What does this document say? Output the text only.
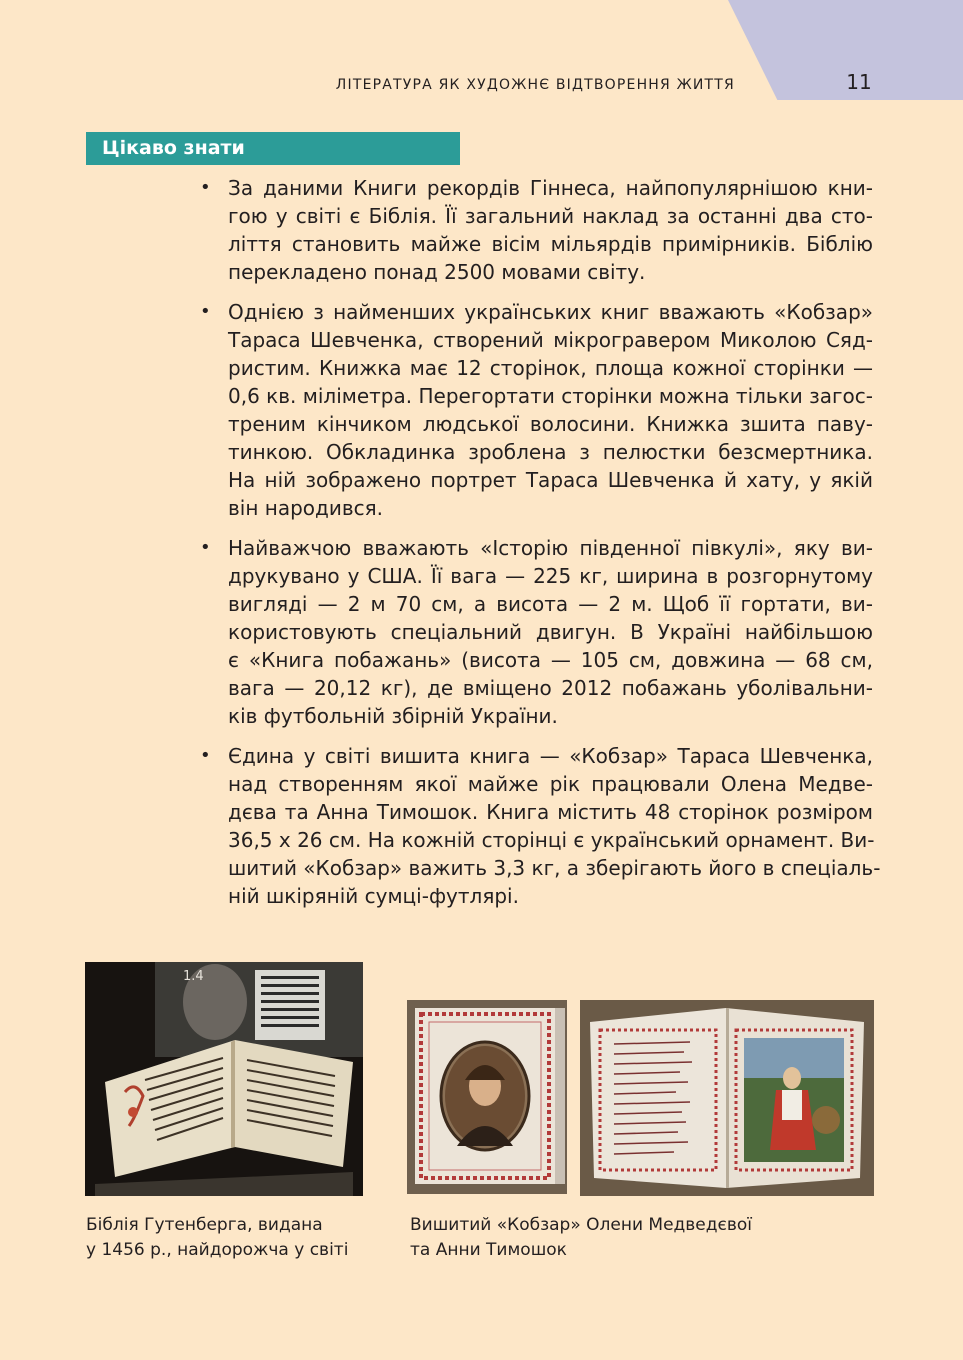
ЛІТЕРАТУРА ЯК ХУДОЖНЄ ВІДТВОРЕННЯ ЖИТТЯ	11
Цікаво знати
• За даними Книги рекордів Гіннеса, найпопулярнішою кни-
гою у світі є Біблія. Її загальний наклад за останні два сто-
ліття становить майже вісім мільярдів примірників. Біблію
перекладено понад 2500 мовами світу.
• Однією з найменших українських книг вважають «Кобзар»
Тараса Шевченка, створений мікрогравером Миколою Сяд-
ристим. Книжка має 12 сторінок, площа кожної сторінки —
0,6 кв. міліметра. Перегортати сторінки можна тільки загос-
треним кінчиком людської волосини. Книжка зшита паву-
тинкою. Обкладинка зроблена з пелюстки безсмертника.
На ній зображено портрет Тараса Шевченка й хату, у якій
він народився.
• Найважчою вважають «Історію південної півкулі», яку ви-
друкувано у США. Її вага — 225 кг, ширина в розгорнутому
вигляді — 2 м 70 см, а висота — 2 м. Щоб її гортати, ви-
користовують спеціальний двигун. В Україні найбільшою
є «Книга побажань» (висота — 105 см, довжина — 68 см,
вага — 20,12 кг), де вміщено 2012 побажань уболівальни-
ків футбольній збірній України.
• Єдина у світі вишита книга — «Кобзар» Тараса Шевченка,
над створенням якої майже рік працювали Олена Медве-
дєва та Анна Тимошок. Книга містить 48 сторінок розміром
36,5 х 26 см. На кожній сторінці є український орнамент. Ви-
шитий «Кобзар» важить 3,3 кг, а зберігають його в спеціаль-
ній шкіряній сумці-футлярі.
1.4
Біблія Гутенберга, видана
у 1456 р., найдорожча у світі
Вишитий «Кобзар» Олени Медведєвої
та Анни Тимошок
